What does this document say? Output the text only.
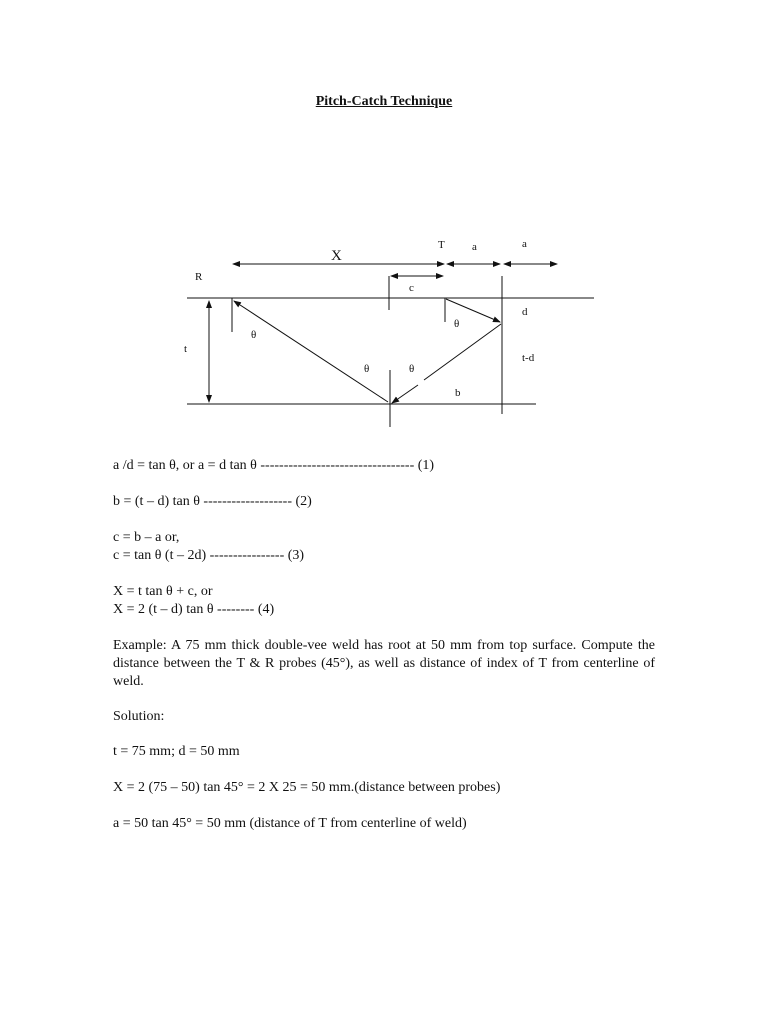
Pitch-Catch Technique
X
T a	a
R
c
d
t
θ
θ
θ	θ
t-d
b

a /d = tan θ, or a = d tan θ --------------------------------- (1)

b = (t – d) tan θ ------------------- (2)

c = b – a or,

c = tan θ (t – 2d) ---------------- (3)

X = t tan θ + c, or

X = 2 (t – d) tan θ -------- (4)

Example: A 75 mm thick double-vee weld has root at 50 mm from top surface. Compute the distance between the T & R probes (45°), as well as distance of index of T from centerline of weld.

Solution:

t = 75 mm; d = 50 mm

X = 2 (75 – 50) tan 45° = 2 X 25 = 50 mm.(distance between probes)

a = 50 tan 45° = 50 mm (distance of T from centerline of weld)
